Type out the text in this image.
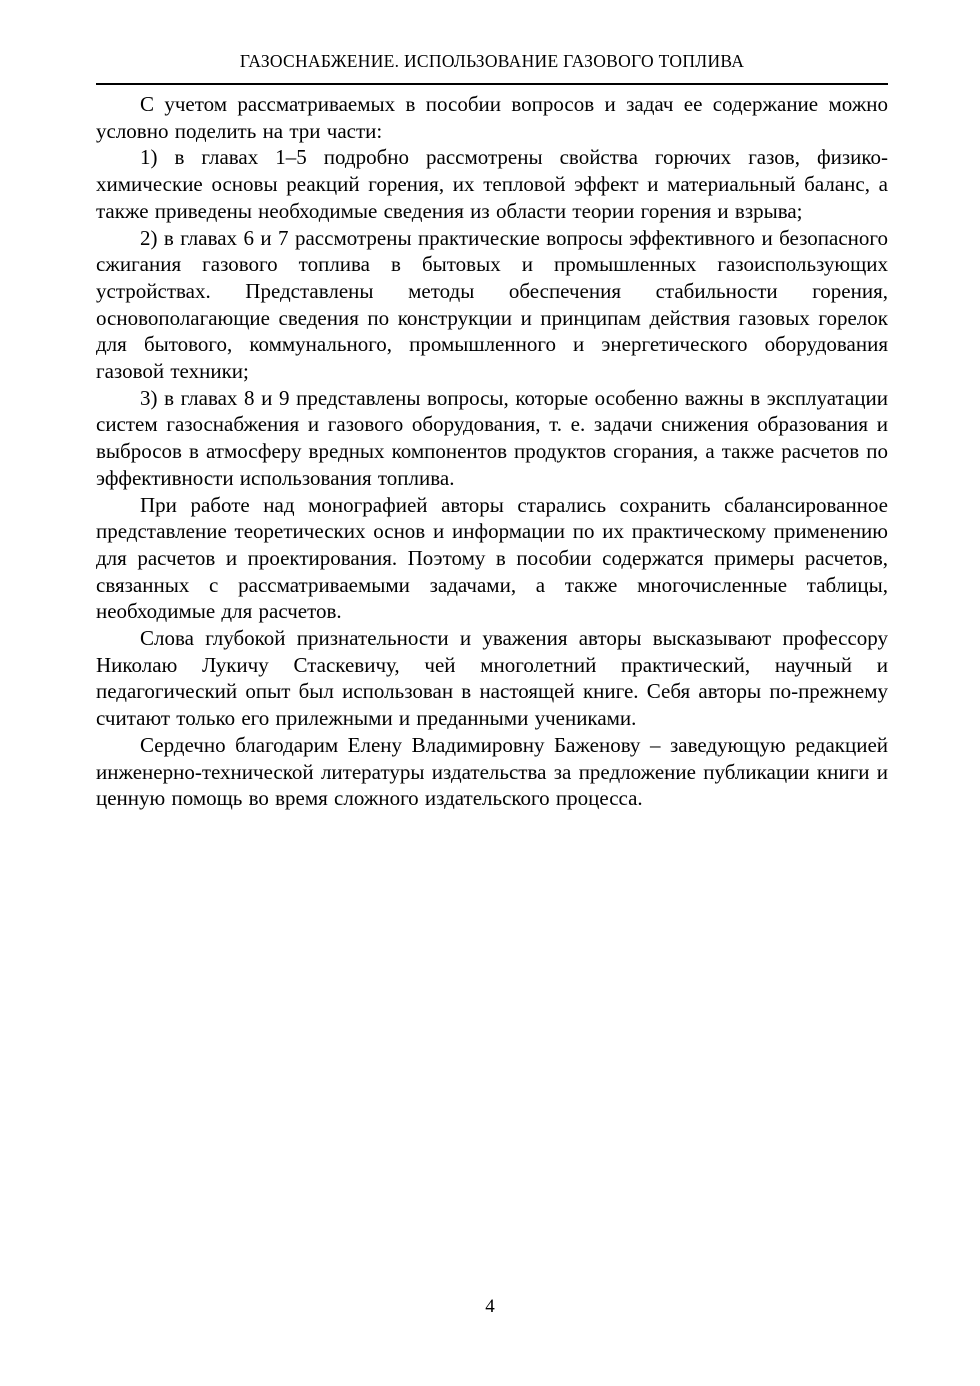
ГАЗОСНАБЖЕНИЕ. ИСПОЛЬЗОВАНИЕ ГАЗОВОГО ТОПЛИВА

С учетом рассматриваемых в пособии вопросов и задач ее содержание можно условно поделить на три части:

1) в главах 1–5 подробно рассмотрены свойства горючих газов, физико-химические основы реакций горения, их тепловой эффект и материальный баланс, а также приведены необходимые сведения из области теории горения и взрыва;

2) в главах 6 и 7 рассмотрены практические вопросы эффективного и безопасного сжигания газового топлива в бытовых и промышленных газоиспользующих устройствах. Представлены методы обеспечения стабильности горения, основополагающие сведения по конструкции и принципам действия газовых горелок для бытового, коммунального, промышленного и энергетического оборудования газовой техники;

3) в главах 8 и 9 представлены вопросы, которые особенно важны в эксплуатации систем газоснабжения и газового оборудования, т. е. задачи снижения образования и выбросов в атмосферу вредных компонентов продуктов сгорания, а также расчетов по эффективности использования топлива.

При работе над монографией авторы старались сохранить сбалансированное представление теоретических основ и информации по их практическому применению для расчетов и проектирования. Поэтому в пособии содержатся примеры расчетов, связанных с рассматриваемыми задачами, а также многочисленные таблицы, необходимые для расчетов.

Слова глубокой признательности и уважения авторы высказывают профессору Николаю Лукичу Стаскевичу, чей многолетний практический, научный и педагогический опыт был использован в настоящей книге. Себя авторы по-прежнему считают только его прилежными и преданными учениками.

Сердечно благодарим Елену Владимировну Баженову – заведующую редакцией инженерно-технической литературы издательства за предложение публикации книги и ценную помощь во время сложного издательского процесса.

4
